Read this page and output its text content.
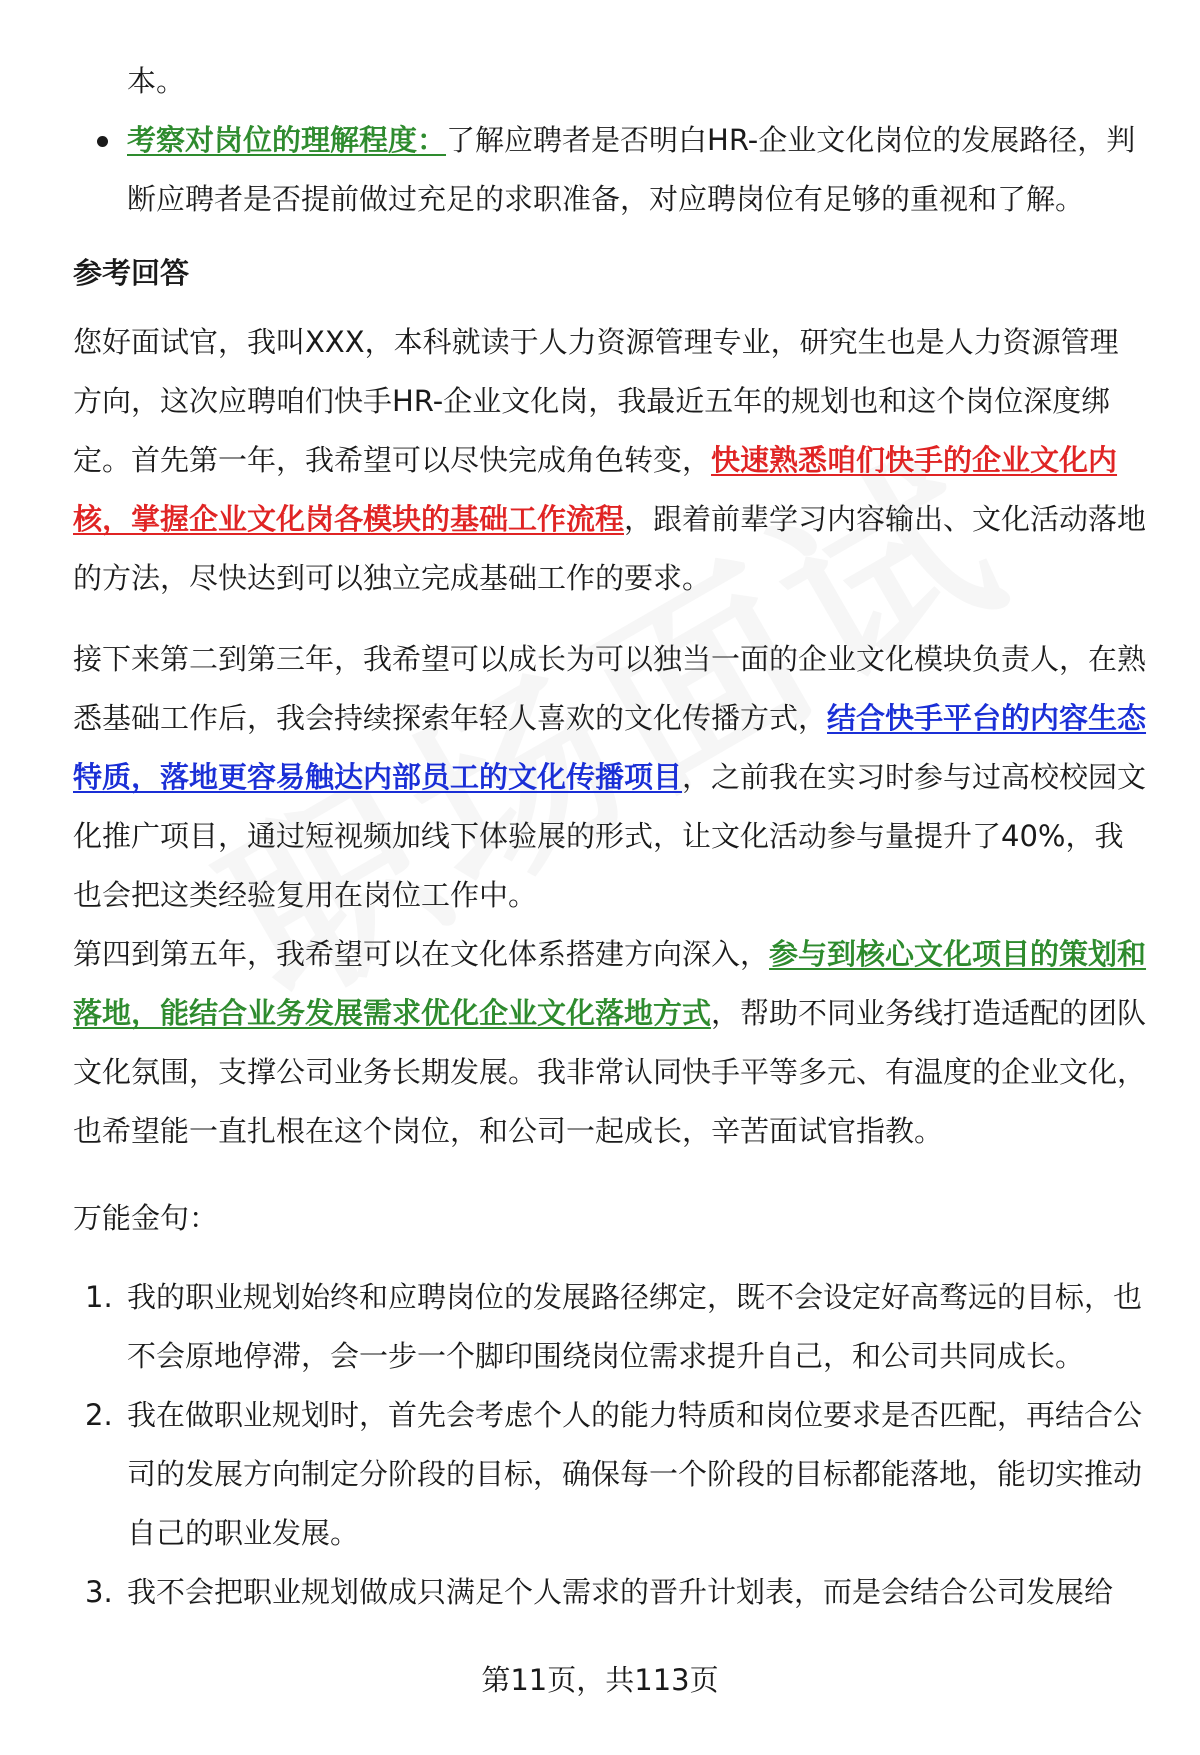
本。

考察对岗位的理解程度：了解应聘者是否明白HR-企业文化岗位的发展路径，判断应聘者是否提前做过充足的求职准备，对应聘岗位有足够的重视和了解。
参考回答

您好面试官，我叫XXX，本科就读于人力资源管理专业，研究生也是人力资源管理方向，这次应聘咱们快手HR-企业文化岗，我最近五年的规划也和这个岗位深度绑定。首先第一年，我希望可以尽快完成角色转变，快速熟悉咱们快手的企业文化内核，掌握企业文化岗各模块的基础工作流程，跟着前辈学习内容输出、文化活动落地的方法，尽快达到可以独立完成基础工作的要求。

接下来第二到第三年，我希望可以成长为可以独当一面的企业文化模块负责人，在熟悉基础工作后，我会持续探索年轻人喜欢的文化传播方式，结合快手平台的内容生态特质，落地更容易触达内部员工的文化传播项目，之前我在实习时参与过高校校园文化推广项目，通过短视频加线下体验展的形式，让文化活动参与量提升了40%，我也会把这类经验复用在岗位工作中。

第四到第五年，我希望可以在文化体系搭建方向深入，参与到核心文化项目的策划和落地，能结合业务发展需求优化企业文化落地方式，帮助不同业务线打造适配的团队文化氛围，支撑公司业务长期发展。我非常认同快手平等多元、有温度的企业文化，也希望能一直扎根在这个岗位，和公司一起成长，辛苦面试官指教。

万能金句：

1. 我的职业规划始终和应聘岗位的发展路径绑定，既不会设定好高骛远的目标，也不会原地停滞，会一步一个脚印围绕岗位需求提升自己，和公司共同成长。
2. 我在做职业规划时，首先会考虑个人的能力特质和岗位要求是否匹配，再结合公司的发展方向制定分阶段的目标，确保每一个阶段的目标都能落地，能切实推动自己的职业发展。
3. 我不会把职业规划做成只满足个人需求的晋升计划表，而是会结合公司发展给
第11页，共113页
